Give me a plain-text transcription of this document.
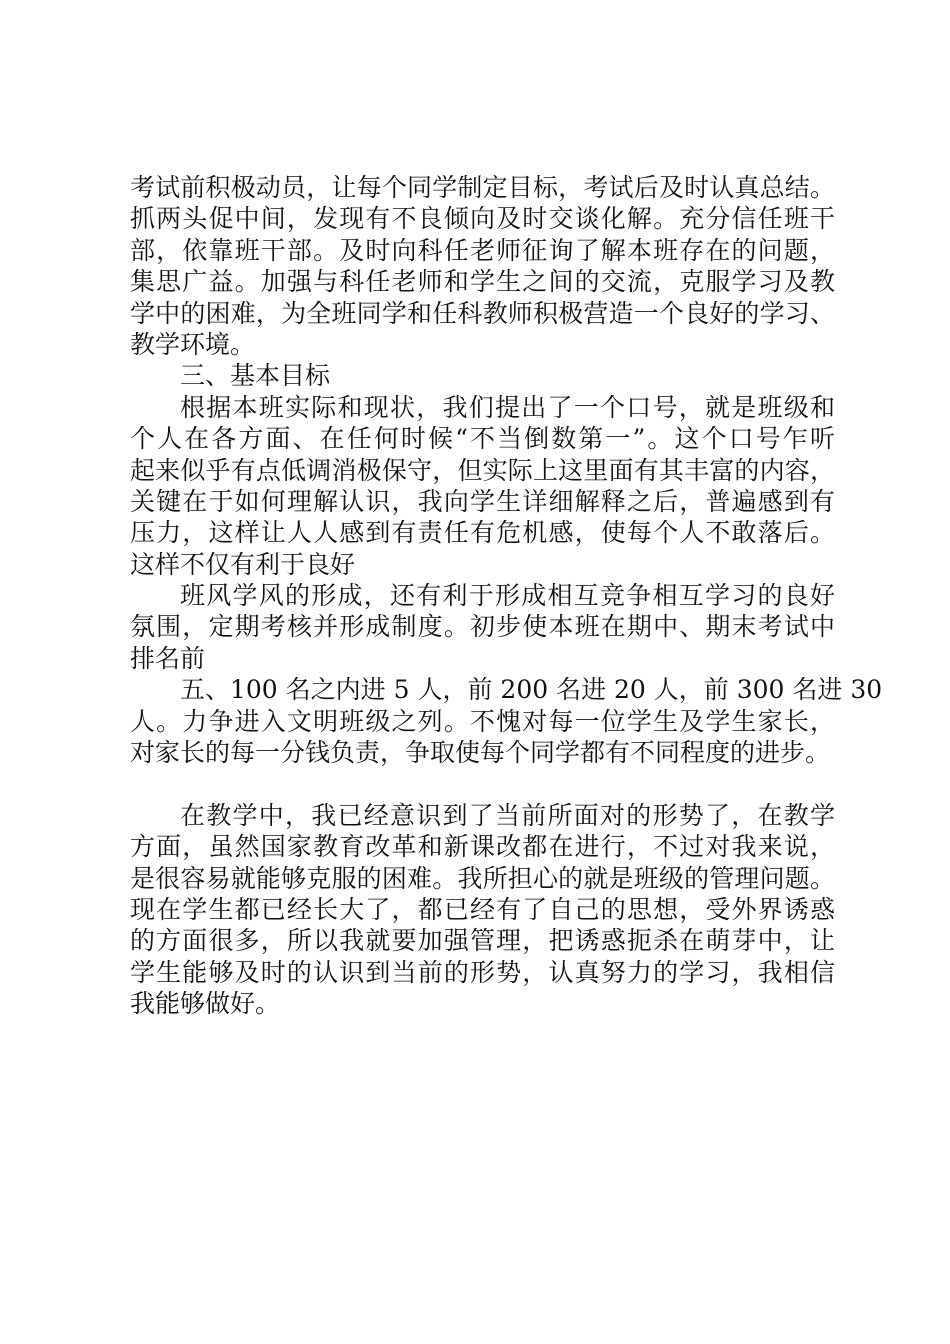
考试前积极动员，让每个同学制定目标，考试后及时认真总结。
抓两头促中间，发现有不良倾向及时交谈化解。充分信任班干
部，依靠班干部。及时向科任老师征询了解本班存在的问题，
集思广益。加强与科任老师和学生之间的交流，克服学习及教
学中的困难，为全班同学和任科教师积极营造一个良好的学习、
教学环境。
三、基本目标
根据本班实际和现状，我们提出了一个口号，就是班级和
个人在各方面、在任何时候“不当倒数第一”。这个口号乍听
起来似乎有点低调消极保守，但实际上这里面有其丰富的内容，
关键在于如何理解认识，我向学生详细解释之后，普遍感到有
压力，这样让人人感到有责任有危机感，使每个人不敢落后。
这样不仅有利于良好
班风学风的形成，还有利于形成相互竞争相互学习的良好
氛围，定期考核并形成制度。初步使本班在期中、期末考试中
排名前
五、100 名之内进 5 人，前 200 名进 20 人，前 300 名进 30
人。力争进入文明班级之列。不愧对每一位学生及学生家长，
对家长的每一分钱负责，争取使每个同学都有不同程度的进步。
在教学中，我已经意识到了当前所面对的形势了，在教学
方面，虽然国家教育改革和新课改都在进行，不过对我来说，
是很容易就能够克服的困难。我所担心的就是班级的管理问题。
现在学生都已经长大了，都已经有了自己的思想，受外界诱惑
的方面很多，所以我就要加强管理，把诱惑扼杀在萌芽中，让
学生能够及时的认识到当前的形势，认真努力的学习，我相信
我能够做好。
